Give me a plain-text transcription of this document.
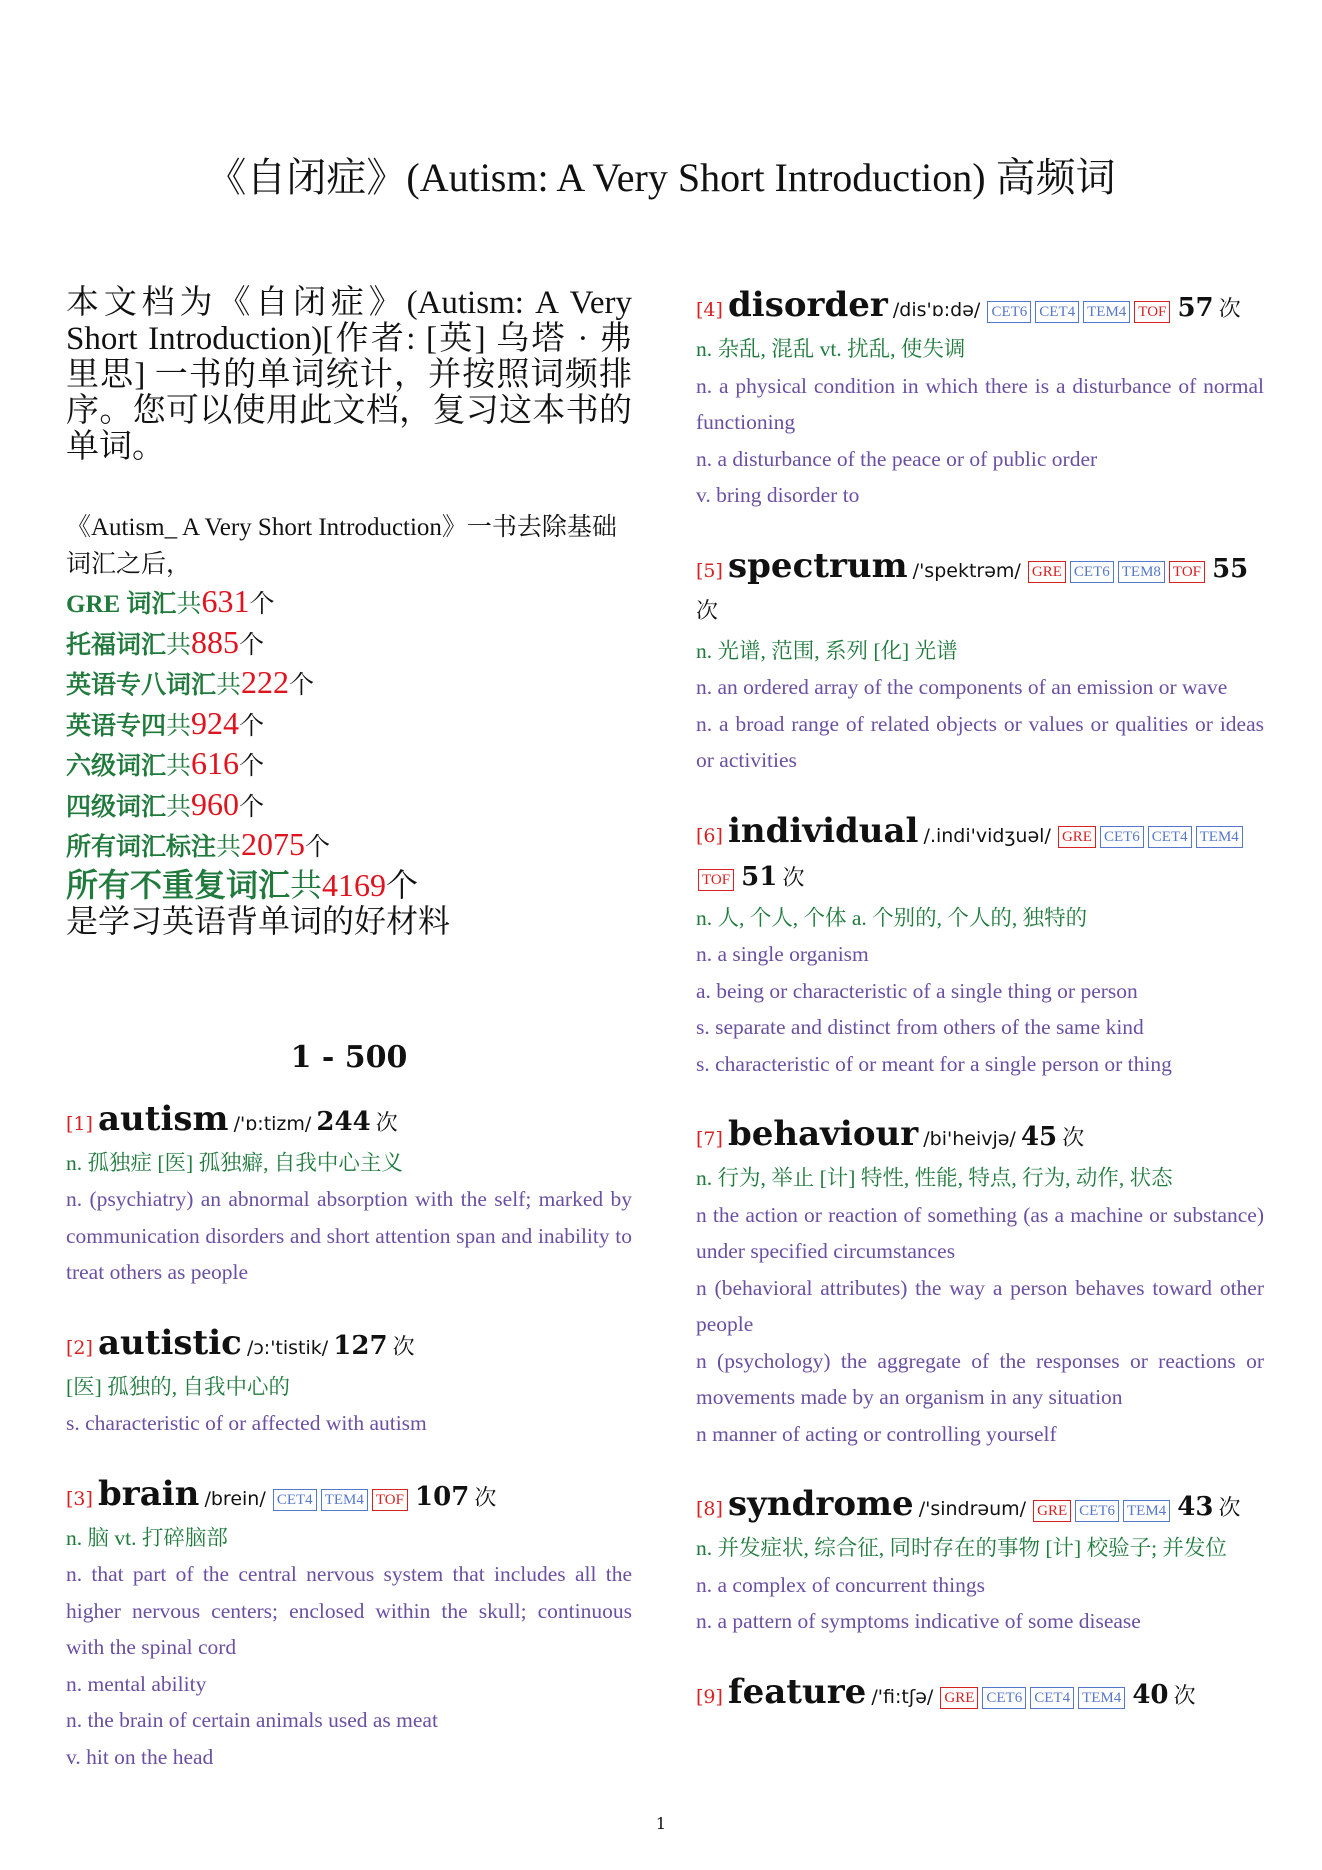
《自闭症》(Autism: A Very Short Introduction) 高频词
本文档为《自闭症》(Autism: A Very Short Introduction)[作者: [英] 乌塔 · 弗里思] 一书的单词统计，并按照词频排序。您可以使用此文档，复习这本书的单词。
《Autism_ A Very Short Introduction》一书去除基础词汇之后，
GRE 词汇共631个
托福词汇共885个
英语专八词汇共222个
英语专四共924个
六级词汇共616个
四级词汇共960个
所有词汇标注共2075个
所有不重复词汇共4169个
是学习英语背单词的好材料
1 - 500
[1] autism /'ɒ:tizm/ 244 次
n. 孤独症 [医] 孤独癖, 自我中心主义
n. (psychiatry) an abnormal absorption with the self; marked by communication disorders and short attention span and inability to treat others as people
[2] autistic /ɔ:'tistik/ 127 次
[医] 孤独的, 自我中心的
s. characteristic of or affected with autism
[3] brain /brein/ CET4 TEM4 TOF 107 次
n. 脑 vt. 打碎脑部
n. that part of the central nervous system that includes all the higher nervous centers; enclosed within the skull; continuous with the spinal cord
n. mental ability
n. the brain of certain animals used as meat
v. hit on the head
[4] disorder /dis'ɒ:də/ CET6 CET4 TEM4 TOF 57 次
n. 杂乱, 混乱 vt. 扰乱, 使失调
n. a physical condition in which there is a disturbance of normal functioning
n. a disturbance of the peace or of public order
v. bring disorder to
[5] spectrum /'spektrəm/ GRE CET6 TEM8 TOF 55 次
n. 光谱, 范围, 系列 [化] 光谱
n. an ordered array of the components of an emission or wave
n. a broad range of related objects or values or qualities or ideas or activities
[6] individual /.indi'vidʒuəl/ GRE CET6 CET4 TEM4TOF 51 次
n. 人, 个人, 个体 a. 个别的, 个人的, 独特的
n. a single organism
a. being or characteristic of a single thing or person
s. separate and distinct from others of the same kind
s. characteristic of or meant for a single person or thing
[7] behaviour /bi'heivjə/ 45 次
n. 行为, 举止 [计] 特性, 性能, 特点, 行为, 动作, 状态
n the action or reaction of something (as a machine or substance) under specified circumstances
n (behavioral attributes) the way a person behaves toward other people
n (psychology) the aggregate of the responses or reactions or movements made by an organism in any situation
n manner of acting or controlling yourself
[8] syndrome /'sindrəum/ GRE CET6 TEM4 43 次
n. 并发症状, 综合征, 同时存在的事物 [计] 校验子; 并发位
n. a complex of concurrent things
n. a pattern of symptoms indicative of some disease
[9] feature /'fi:tʃə/ GRE CET6 CET4 TEM4 40 次
1
